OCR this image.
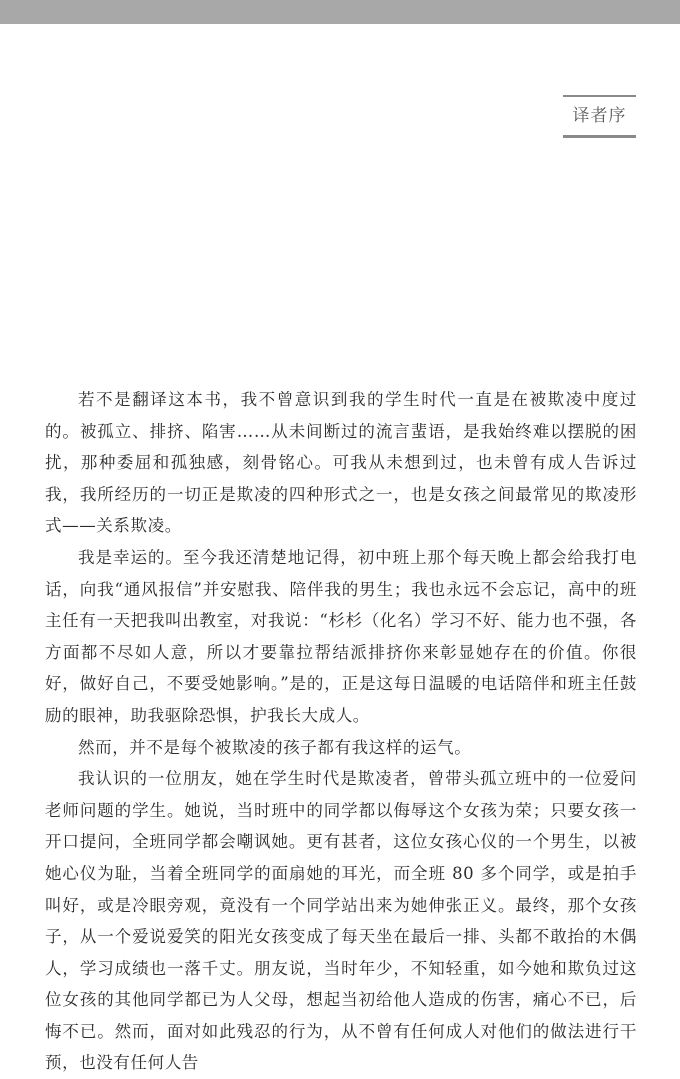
译者序

若不是翻译这本书，我不曾意识到我的学生时代一直是在被欺凌中度过的。被孤立、排挤、陷害……从未间断过的流言蜚语，是我始终难以摆脱的困扰，那种委屈和孤独感，刻骨铭心。可我从未想到过，也未曾有成人告诉过我，我所经历的一切正是欺凌的四种形式之一，也是女孩之间最常见的欺凌形式——关系欺凌。

我是幸运的。至今我还清楚地记得，初中班上那个每天晚上都会给我打电话，向我“通风报信”并安慰我、陪伴我的男生；我也永远不会忘记，高中的班主任有一天把我叫出教室，对我说：“杉杉（化名）学习不好、能力也不强，各方面都不尽如人意，所以才要靠拉帮结派排挤你来彰显她存在的价值。你很好，做好自己，不要受她影响。”是的，正是这每日温暖的电话陪伴和班主任鼓励的眼神，助我驱除恐惧，护我长大成人。

然而，并不是每个被欺凌的孩子都有我这样的运气。

我认识的一位朋友，她在学生时代是欺凌者，曾带头孤立班中的一位爱问老师问题的学生。她说，当时班中的同学都以侮辱这个女孩为荣；只要女孩一开口提问，全班同学都会嘲讽她。更有甚者，这位女孩心仪的一个男生，以被她心仪为耻，当着全班同学的面扇她的耳光，而全班 80 多个同学，或是拍手叫好，或是冷眼旁观，竟没有一个同学站出来为她伸张正义。最终，那个女孩子，从一个爱说爱笑的阳光女孩变成了每天坐在最后一排、头都不敢抬的木偶人，学习成绩也一落千丈。朋友说，当时年少，不知轻重，如今她和欺负过这位女孩的其他同学都已为人父母，想起当初给他人造成的伤害，痛心不已，后悔不已。然而，面对如此残忍的行为，从不曾有任何成人对他们的做法进行干预，也没有任何人告
